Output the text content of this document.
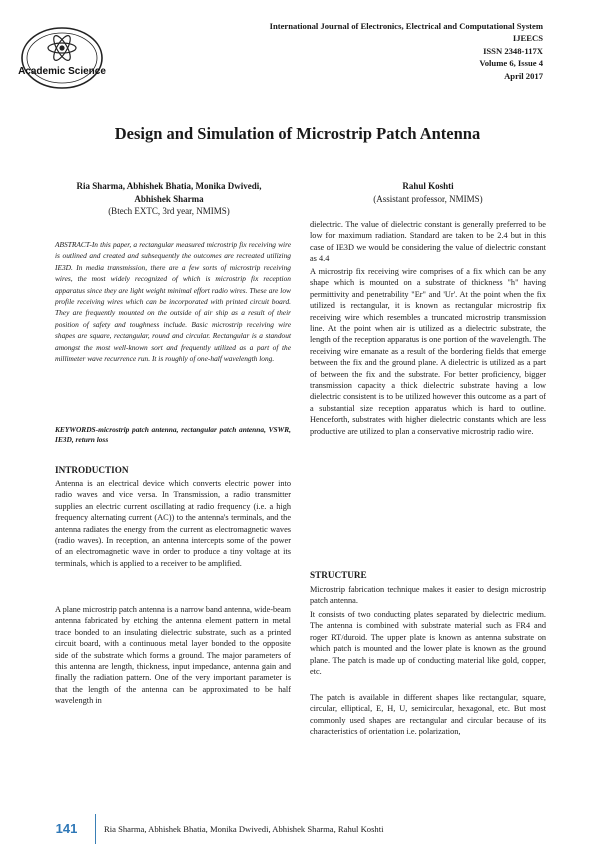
Academic Science
International Journal of Electronics, Electrical and Computational System
IJEECS
ISSN 2348-117X
Volume 6, Issue 4
April 2017
Design and Simulation of Microstrip Patch Antenna
Ria Sharma, Abhishek Bhatia, Monika Dwivedi, Abhishek Sharma
(Btech EXTC, 3rd year, NMIMS)
Rahul Koshti
(Assistant professor, NMIMS)

ABSTRACT-In this paper, a rectangular measured microstrip fix receiving wire is outlined and created and subsequently the outcomes are recreated utilizing IE3D. In media transmission, there are a few sorts of microstrip receiving wires, the most widely recognized of which is microstrip fix reception apparatus since they are light weight minimal effort radio wires. These are low profile receiving wires which can be incorporated with printed circuit board. They are frequently mounted on the outside of air ship as a result of their position of safety and toughness include. Basic microstrip receiving wire shapes are square, rectangular, round and circular. Rectangular is a standout amongst the most well-known sort and frequently utilized as a part of the millimeter wave recurrence run. It is roughly of one-half wavelength long.

KEYWORDS-microstrip patch antenna, rectangular patch antenna, VSWR, IE3D, return loss

INTRODUCTION

Antenna is an electrical device which converts electric power into radio waves and vice versa. In Transmission, a radio transmitter supplies an electric current oscillating at radio frequency (i.e. a high frequency alternating current (AC)) to the antenna's terminals, and the antenna radiates the energy from the current as electromagnetic waves (radio waves). In reception, an antenna intercepts some of the power of an electromagnetic wave in order to produce a tiny voltage at its terminals, which is applied to a receiver to be amplified.

A plane microstrip patch antenna is a narrow band antenna, wide-beam antenna fabricated by etching the antenna element pattern in metal trace bonded to an insulating dielectric substrate, such as a printed circuit board, with a continuous metal layer bonded to the opposite side of the substrate which forms a ground. The major parameters of this antenna are length, thickness, input impedance, antenna gain and finally the radiation pattern. One of the very important parameter is that the length of the antenna can be approximated to be half wavelength in

dielectric. The value of dielectric constant is generally preferred to be low for maximum radiation. Standard are taken to be 2.4 but in this case of IE3D we would be considering the value of dielectric constant as 4.4

A microstrip fix receiving wire comprises of a fix which can be any shape which is mounted on a substrate of thickness "h" having permittivity and penetrability "Er" and 'Ur'. At the point when the fix utilized is rectangular, it is known as rectangular microstrip fix receiving wire which resembles a truncated microstrip transmission line. At the point when air is utilized as a dielectric substrate, the length of the reception apparatus is one portion of the wavelength. The receiving wire emanate as a result of the bordering fields that emerge between the fix and the ground plane. A dielectric is utilized as a part of between the fix and the substrate. For better proficiency, bigger transmission capacity a thick dielectric substrate having a low dielectric consistent is to be utilized however this outcome as a part of a substantial size reception apparatus which is hard to outline. Henceforth, substrates with higher dielectric constants which are less productive are utilized to plan a conservative microstrip radio wire.

STRUCTURE

Microstrip fabrication technique makes it easier to design microstrip patch antenna.

It consists of two conducting plates separated by dielectric medium. The antenna is combined with substrate material such as FR4 and roger RT/duroid. The upper plate is known as antenna substrate on which patch is mounted and the lower plate is known as the ground plane. The patch is made up of conducting material like gold, copper, etc.

The patch is available in different shapes like rectangular, square, circular, elliptical, E, H, U, semicircular, hexagonal, etc. But most commonly used shapes are rectangular and circular because of its characteristics of orientation i.e. polarization,

141	Ria Sharma, Abhishek Bhatia, Monika Dwivedi, Abhishek Sharma, Rahul Koshti
